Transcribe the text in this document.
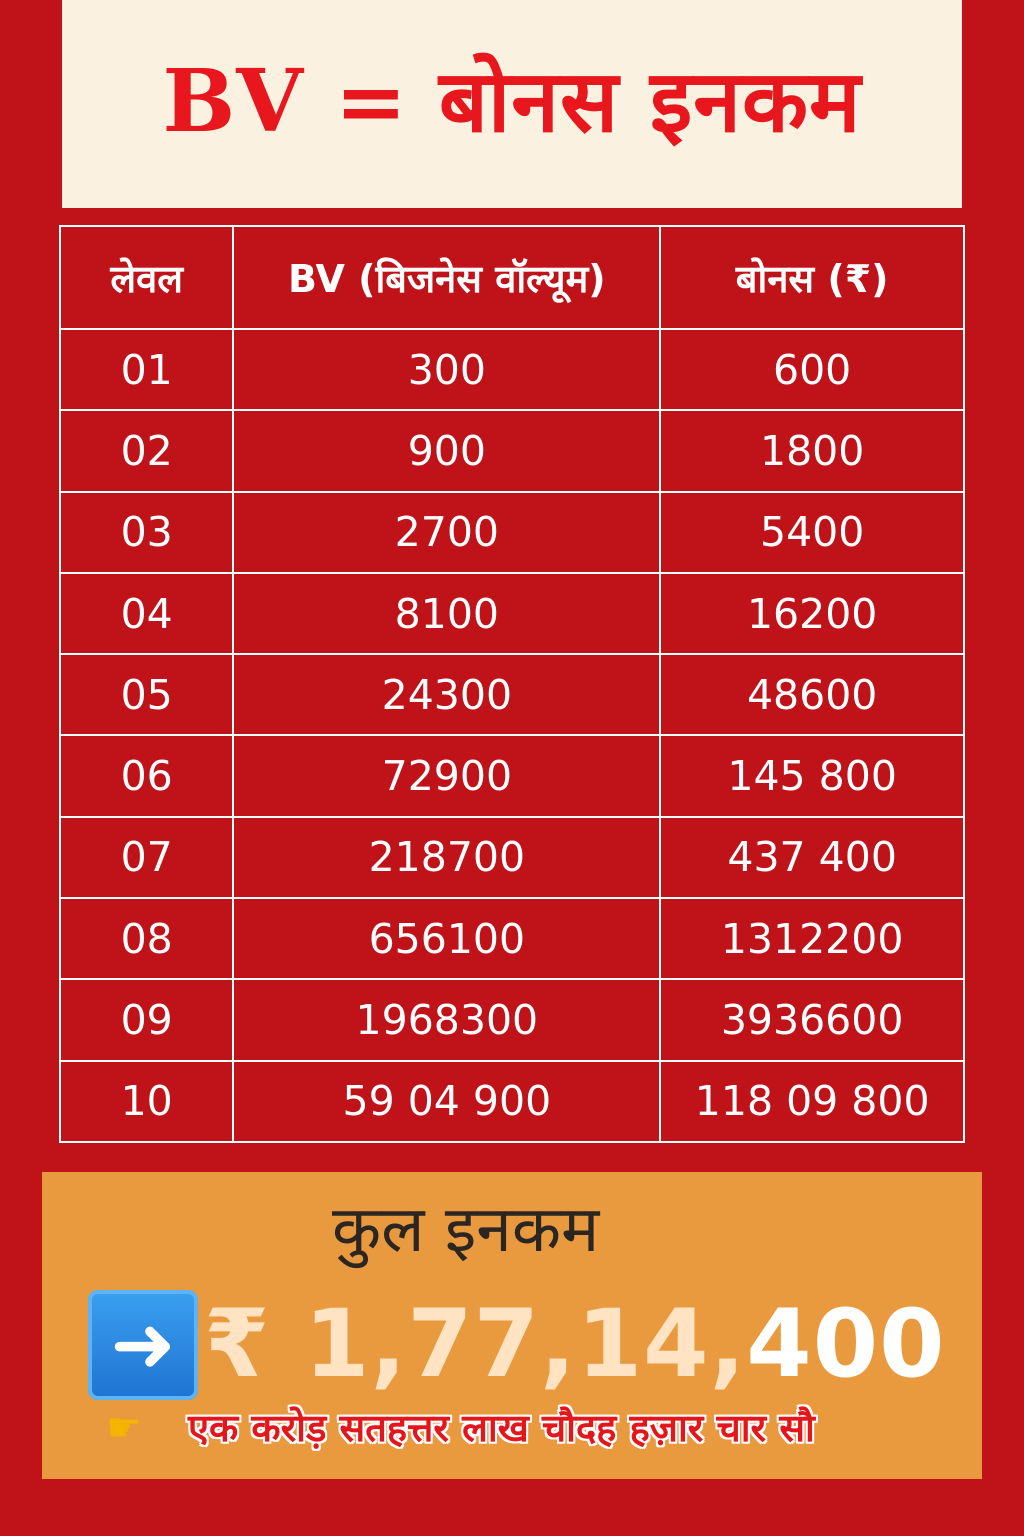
BV = बोनस इनकम
लेवल	BV (बिजनेस वॉल्यूम)	बोनस (₹)
01	300	600
02	900	1800
03	2700	5400
04	8100	16200
05	24300	48600
06	72900	145 800
07	218700	437 400
08	656100	1312200
09	1968300	3936600
10	59 04 900	118 09 800
कुल इनकम
➜ ₹ 1,77,14,400
☛	एक करोड़ सतहत्तर लाख चौदह हज़ार चार सौ
